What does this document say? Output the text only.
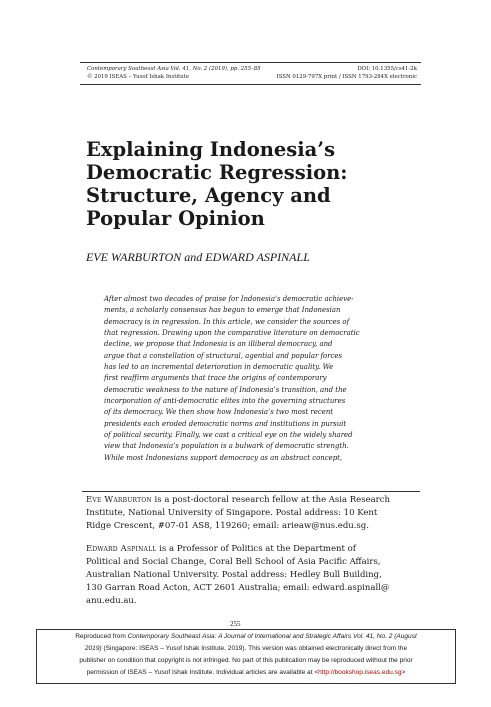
Contemporary Southeast Asia Vol. 41, No. 2 (2019), pp. 255–85	DOI: 10.1355/cs41-2k
© 2019 ISEAS – Yusof Ishak Institute	ISSN 0129-797X print / ISSN 1793-284X electronic
Explaining Indonesia’s
Democratic Regression:
Structure, Agency and
Popular Opinion
EVE WARBURTON and EDWARD ASPINALL
After almost two decades of praise for Indonesia's democratic achieve-
ments, a scholarly consensus has begun to emerge that Indonesian
democracy is in regression. In this article, we consider the sources of
that regression. Drawing upon the comparative literature on democratic
decline, we propose that Indonesia is an illiberal democracy, and
argue that a constellation of structural, agential and popular forces
has led to an incremental deterioration in democratic quality. We
first reaffirm arguments that trace the origins of contemporary
democratic weakness to the nature of Indonesia’s transition, and the
incorporation of anti-democratic elites into the governing structures
of its democracy. We then show how Indonesia’s two most recent
presidents each eroded democratic norms and institutions in pursuit
of political security. Finally, we cast a critical eye on the widely shared
view that Indonesia’s population is a bulwark of democratic strength.
While most Indonesians support democracy as an abstract concept,
Eve Warburton is a post-doctoral research fellow at the Asia Research
Institute, National University of Singapore. Postal address: 10 Kent
Ridge Crescent, #07-01 AS8, 119260; email: arieaw@nus.edu.sg.
Edward Aspinall is a Professor of Politics at the Department of
Political and Social Change, Coral Bell School of Asia Pacific Affairs,
Australian National University. Postal address: Hedley Bull Building,
130 Garran Road Acton, ACT 2601 Australia; email: edward.aspinall@
anu.edu.au.
255
Reproduced from Contemporary Southeast Asia: A Journal of International and Strategic Affairs Vol. 41, No. 2 (August
2019) (Singapore: ISEAS – Yusof Ishak Institute, 2019). This version was obtained electronically direct from the
publisher on condition that copyright is not infringed. No part of this publication may be reproduced without the prior
permission of ISEAS – Yusof Ishak Institute. Individual articles are available at <http://bookshop.iseas.edu.sg>
